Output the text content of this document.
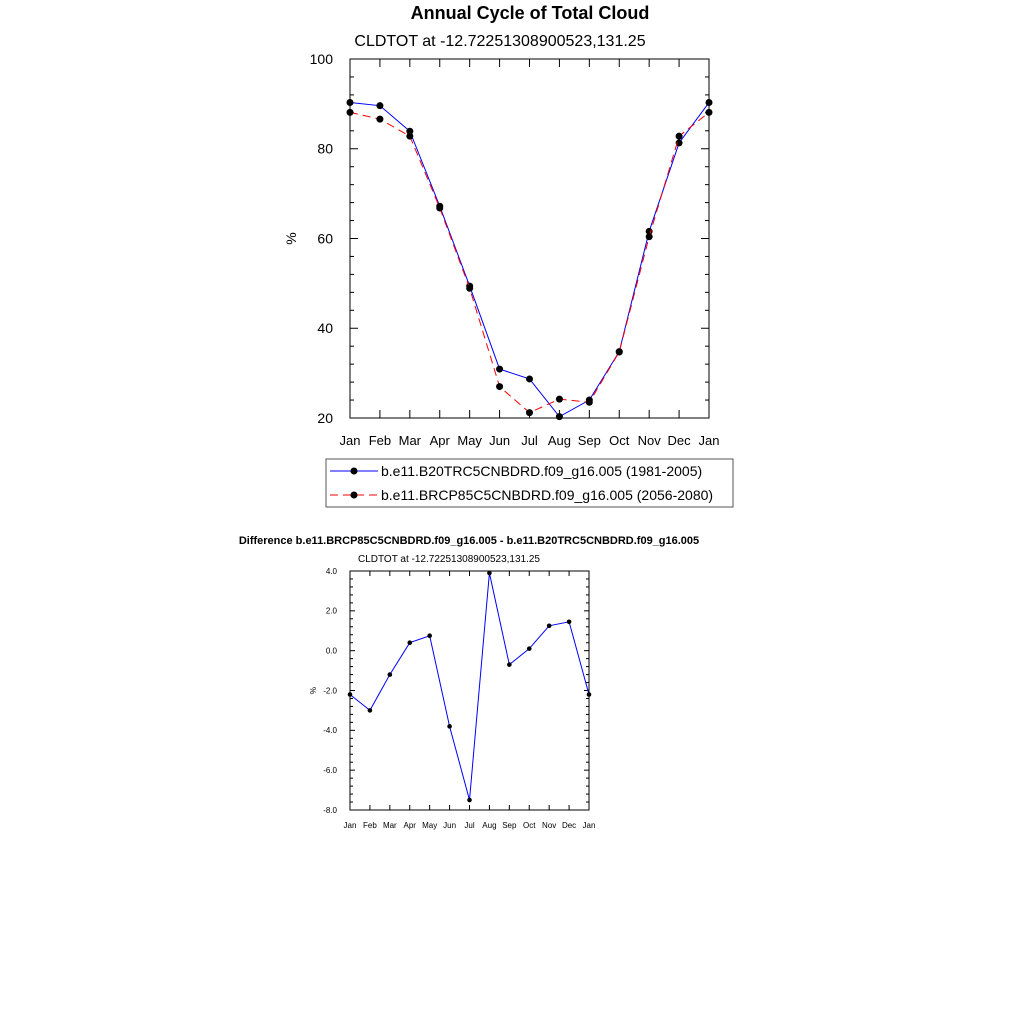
Annual Cycle of Total Cloud
CLDTOT at -12.72251308900523,131.25
20
40
60
80
100
Jan Feb Mar Apr May Jun Jul Aug Sep Oct Nov Dec Jan
%
b.e11.B20TRC5CNBDRD.f09_g16.005 (1981-2005)
b.e11.BRCP85C5CNBDRD.f09_g16.005 (2056-2080)
Difference b.e11.BRCP85C5CNBDRD.f09_g16.005 - b.e11.B20TRC5CNBDRD.f09_g16.005
CLDTOT at -12.72251308900523,131.25
-8.0
-6.0
-4.0
-2.0
0.0
2.0
4.0
Jan Feb Mar Apr May Jun Jul Aug Sep Oct Nov Dec Jan
%
